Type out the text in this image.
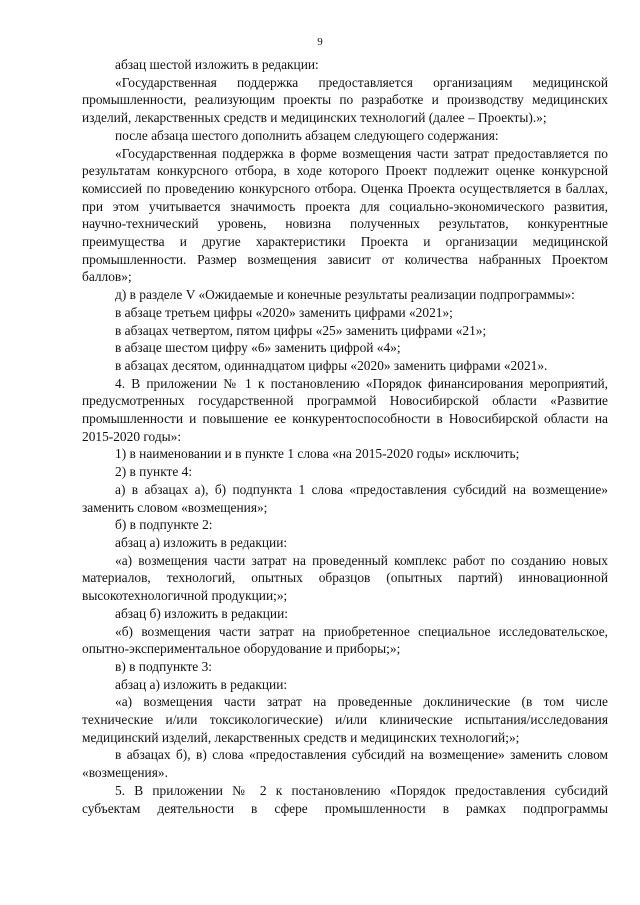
9

абзац шестой изложить в редакции:

«Государственная поддержка предоставляется организациям медицинской промышленности, реализующим проекты по разработке и производству медицинских изделий, лекарственных средств и медицинских технологий (далее – Проекты).»;

после абзаца шестого дополнить абзацем следующего содержания:

«Государственная поддержка в форме возмещения части затрат предоставляется по результатам конкурсного отбора, в ходе которого Проект подлежит оценке конкурсной комиссией по проведению конкурсного отбора. Оценка Проекта осуществляется в баллах, при этом учитывается значимость проекта для социально-экономического развития, научно-технический уровень, новизна полученных результатов, конкурентные преимущества и другие характеристики Проекта и организации медицинской промышленности. Размер возмещения зависит от количества набранных Проектом баллов»;

д) в разделе V «Ожидаемые и конечные результаты реализации подпрограммы»:

в абзаце третьем цифры «2020» заменить цифрами «2021»;

в абзацах четвертом, пятом цифры «25» заменить цифрами «21»;

в абзаце шестом цифру «6» заменить цифрой «4»;

в абзацах десятом, одиннадцатом цифры «2020» заменить цифрами «2021».

4. В приложении № 1 к постановлению «Порядок финансирования мероприятий, предусмотренных государственной программой Новосибирской области «Развитие промышленности и повышение ее конкурентоспособности в Новосибирской области на 2015-2020 годы»:

1) в наименовании и в пункте 1 слова «на 2015-2020 годы» исключить;

2) в пункте 4:

а) в абзацах а), б) подпункта 1 слова «предоставления субсидий на возмещение» заменить словом «возмещения»;

б) в подпункте 2:

абзац а) изложить в редакции:

«а) возмещения части затрат на проведенный комплекс работ по созданию новых материалов, технологий, опытных образцов (опытных партий) инновационной высокотехнологичной продукции;»;

абзац б) изложить в редакции:

«б) возмещения части затрат на приобретенное специальное исследовательское, опытно-экспериментальное оборудование и приборы;»;

в) в подпункте 3:

абзац а) изложить в редакции:

«а) возмещения части затрат на проведенные доклинические (в том числе технические и/или токсикологические) и/или клинические испытания/исследования медицинский изделий, лекарственных средств и медицинских технологий;»;

в абзацах б), в) слова «предоставления субсидий на возмещение» заменить словом «возмещения».

5. В приложении № 2 к постановлению «Порядок предоставления субсидий субъектам деятельности в сфере промышленности в рамках подпрограммы
